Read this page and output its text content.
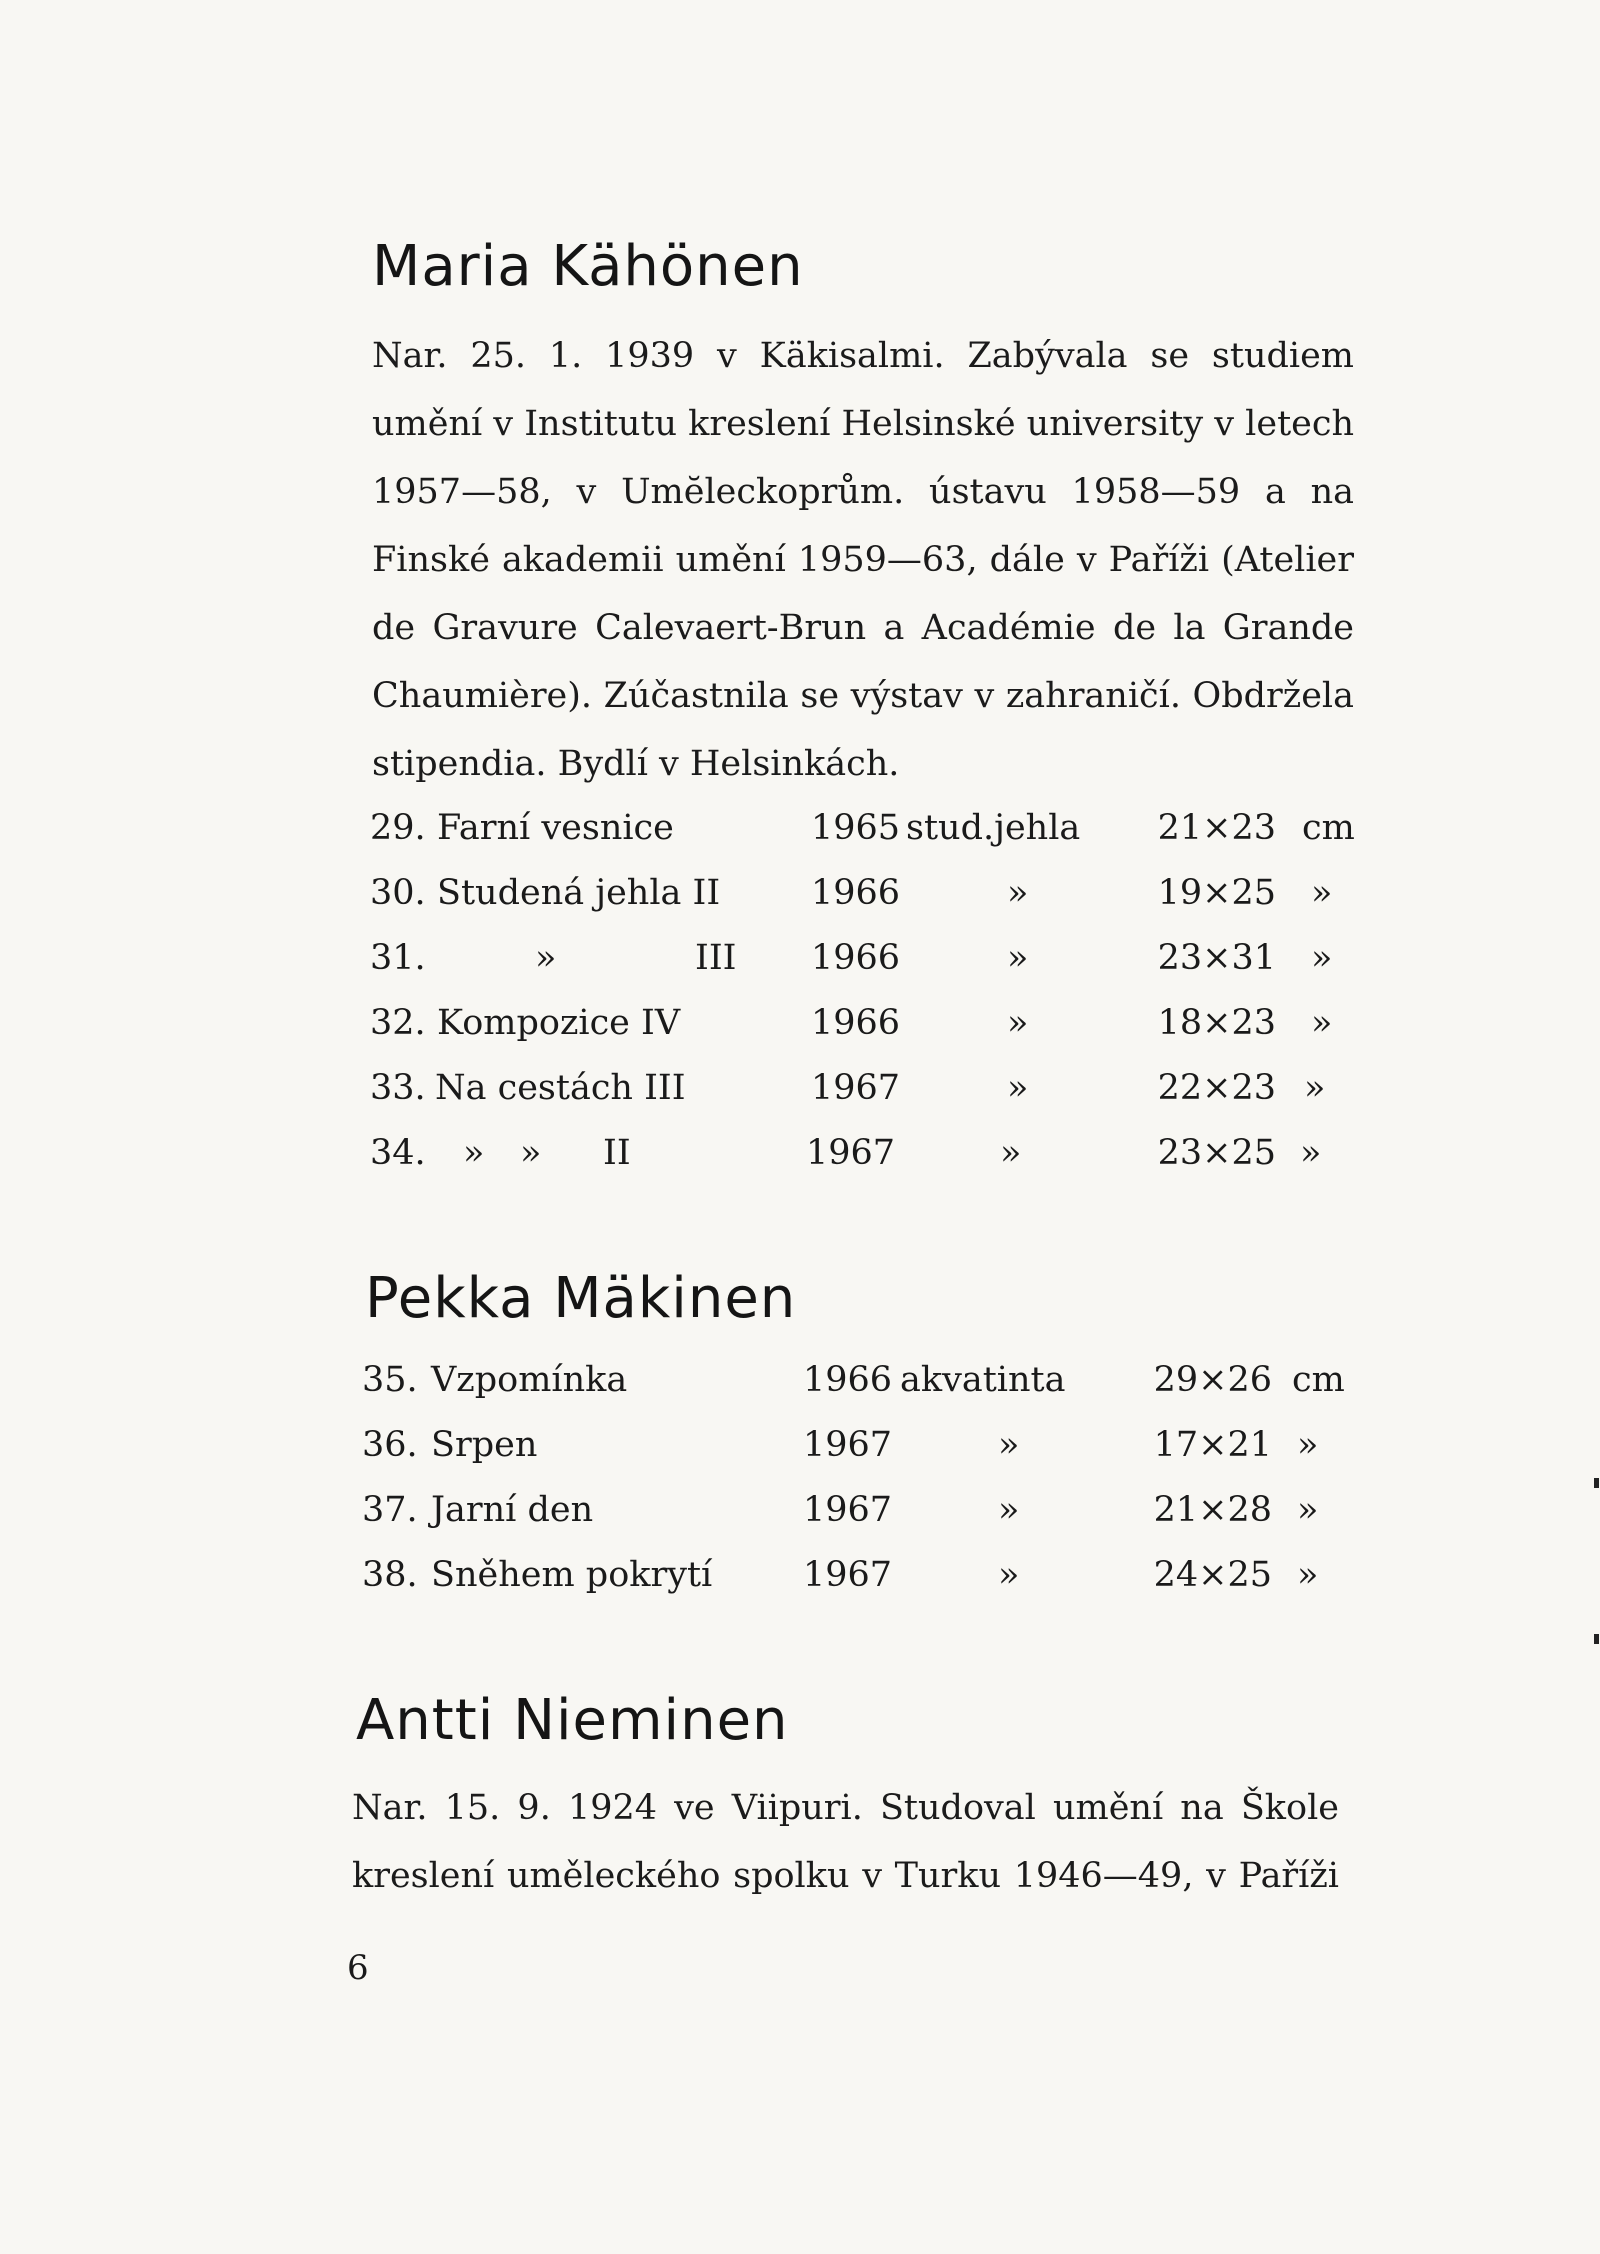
Maria Kähönen
Nar. 25. 1. 1939 v Käkisalmi. Zabývala se studiem
umění v Institutu kreslení Helsinské university v letech
1957—58, v Umĕleckoprům. ústavu 1958—59 a na
Finské akademii umění 1959—63, dále v Paříži (Atelier
de Gravure Calevaert-Brun a Académie de la Grande
Chaumière). Zúčastnila se výstav v zahraničí. Obdržela
stipendia. Bydlí v Helsinkách.
29. Farní vesnice	1965 stud.jehla 21×23 cm
30. Studená jehla II	1966	»	19×25 »
31.	»	III 1966	»	23×31 »
32. Kompozice IV	1966	»	18×23 »
33. Na cestách III	1967	»	22×23 »
34. » » II	1967	»	23×25 »
Pekka Mäkinen
35. Vzpomínka	1966 akvatinta	29×26 cm
36. Srpen	1967	»	17×21 »
37. Jarní den	1967	»	21×28 »
38. Sněhem pokrytí	1967	»	24×25 »
Antti Nieminen
Nar. 15. 9. 1924 ve Viipuri. Studoval umění na Škole
kreslení uměleckého spolku v Turku 1946—49, v Paříži
6
